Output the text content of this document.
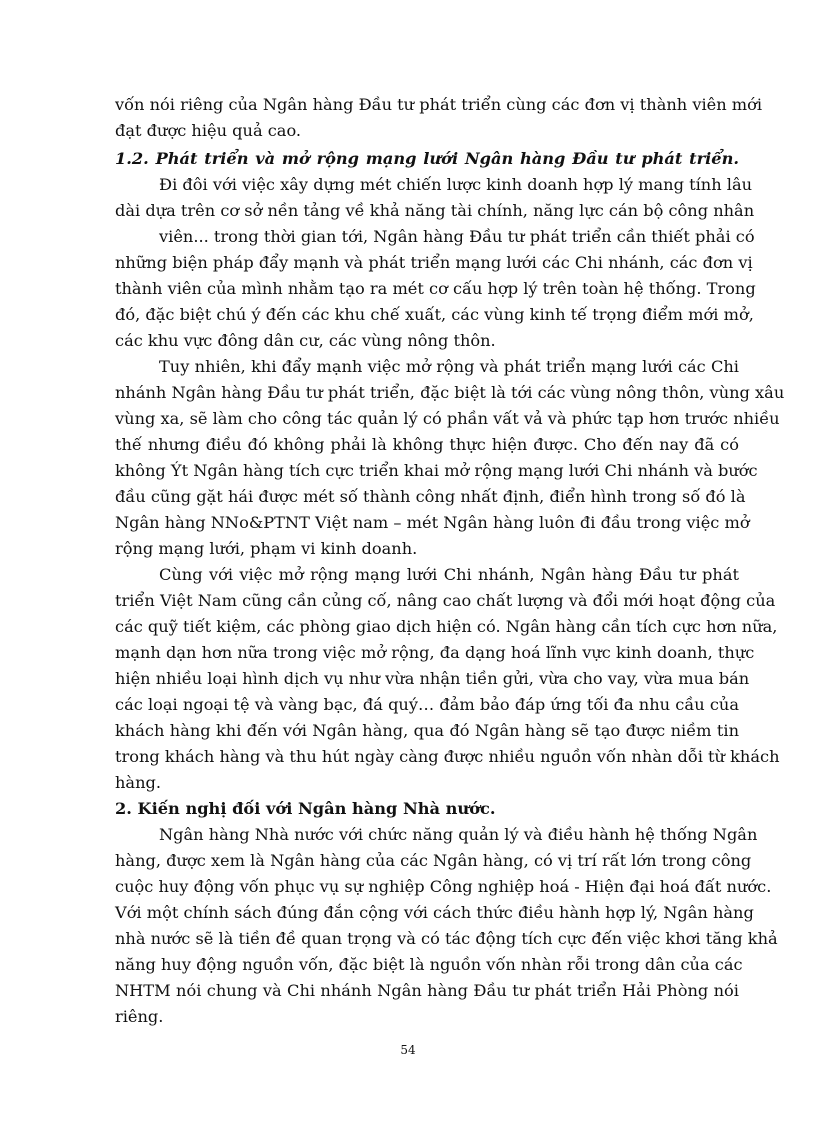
vốn nói riêng của Ngân hàng Đầu tư phát triển cùng các đơn vị thành viên mới
đạt được hiệu quả cao.
1.2. Phát triển và mở rộng mạng lưới Ngân hàng Đầu tư phát triển.
Đi đôi với việc xây dựng mét chiến lược kinh doanh hợp lý mang tính lâu
dài dựa trên cơ sở nền tảng về khả năng tài chính, năng lực cán bộ công nhân
viên... trong thời gian tới, Ngân hàng Đầu tư phát triển cần thiết phải có
những biện pháp đẩy mạnh và phát triển mạng lưới các Chi nhánh, các đơn vị
thành viên của mình nhằm tạo ra mét cơ cấu hợp lý trên toàn hệ thống. Trong
đó, đặc biệt chú ý đến các khu chế xuất, các vùng kinh tế trọng điểm mới mở,
các khu vực đông dân cư, các vùng nông thôn.
Tuy nhiên, khi đẩy mạnh việc mở rộng và phát triển mạng lưới các Chi
nhánh Ngân hàng Đầu tư phát triển, đặc biệt là tới các vùng nông thôn, vùng xâu
vùng xa, sẽ làm cho công tác quản lý có phần vất vả và phức tạp hơn trước nhiều
thế nhưng điều đó không phải là không thực hiện được. Cho đến nay đã có
không Ýt Ngân hàng tích cực triển khai mở rộng mạng lưới Chi nhánh và bước
đầu cũng gặt hái được mét số thành công nhất định, điển hình trong số đó là
Ngân hàng NNo&PTNT Việt nam – mét Ngân hàng luôn đi đầu trong việc mở
rộng mạng lưới, phạm vi kinh doanh.
Cùng với việc mở rộng mạng lưới Chi nhánh, Ngân hàng Đầu tư phát
triển Việt Nam cũng cần củng cố, nâng cao chất lượng và đổi mới hoạt động của
các quỹ tiết kiệm, các phòng giao dịch hiện có. Ngân hàng cần tích cực hơn nữa,
mạnh dạn hơn nữa trong việc mở rộng, đa dạng hoá lĩnh vực kinh doanh, thực
hiện nhiều loại hình dịch vụ như vừa nhận tiền gửi, vừa cho vay, vừa mua bán
các loại ngoại tệ và vàng bạc, đá quý… đảm bảo đáp ứng tối đa nhu cầu của
khách hàng khi đến với Ngân hàng, qua đó Ngân hàng sẽ tạo được niềm tin
trong khách hàng và thu hút ngày càng được nhiều nguồn vốn nhàn dỗi từ khách
hàng.
2. Kiến nghị đối với Ngân hàng Nhà nước.
Ngân hàng Nhà nước với chức năng quản lý và điều hành hệ thống Ngân
hàng, được xem là Ngân hàng của các Ngân hàng, có vị trí rất lớn trong công
cuộc huy động vốn phục vụ sự nghiệp Công nghiệp hoá - Hiện đại hoá đất nước.
Với một chính sách đúng đắn cộng với cách thức điều hành hợp lý, Ngân hàng
nhà nước sẽ là tiền đề quan trọng và có tác động tích cực đến việc khơi tăng khả
năng huy động nguồn vốn, đặc biệt là nguồn vốn nhàn rỗi trong dân của các
NHTM nói chung và Chi nhánh Ngân hàng Đầu tư phát triển Hải Phòng nói
riêng.
54
